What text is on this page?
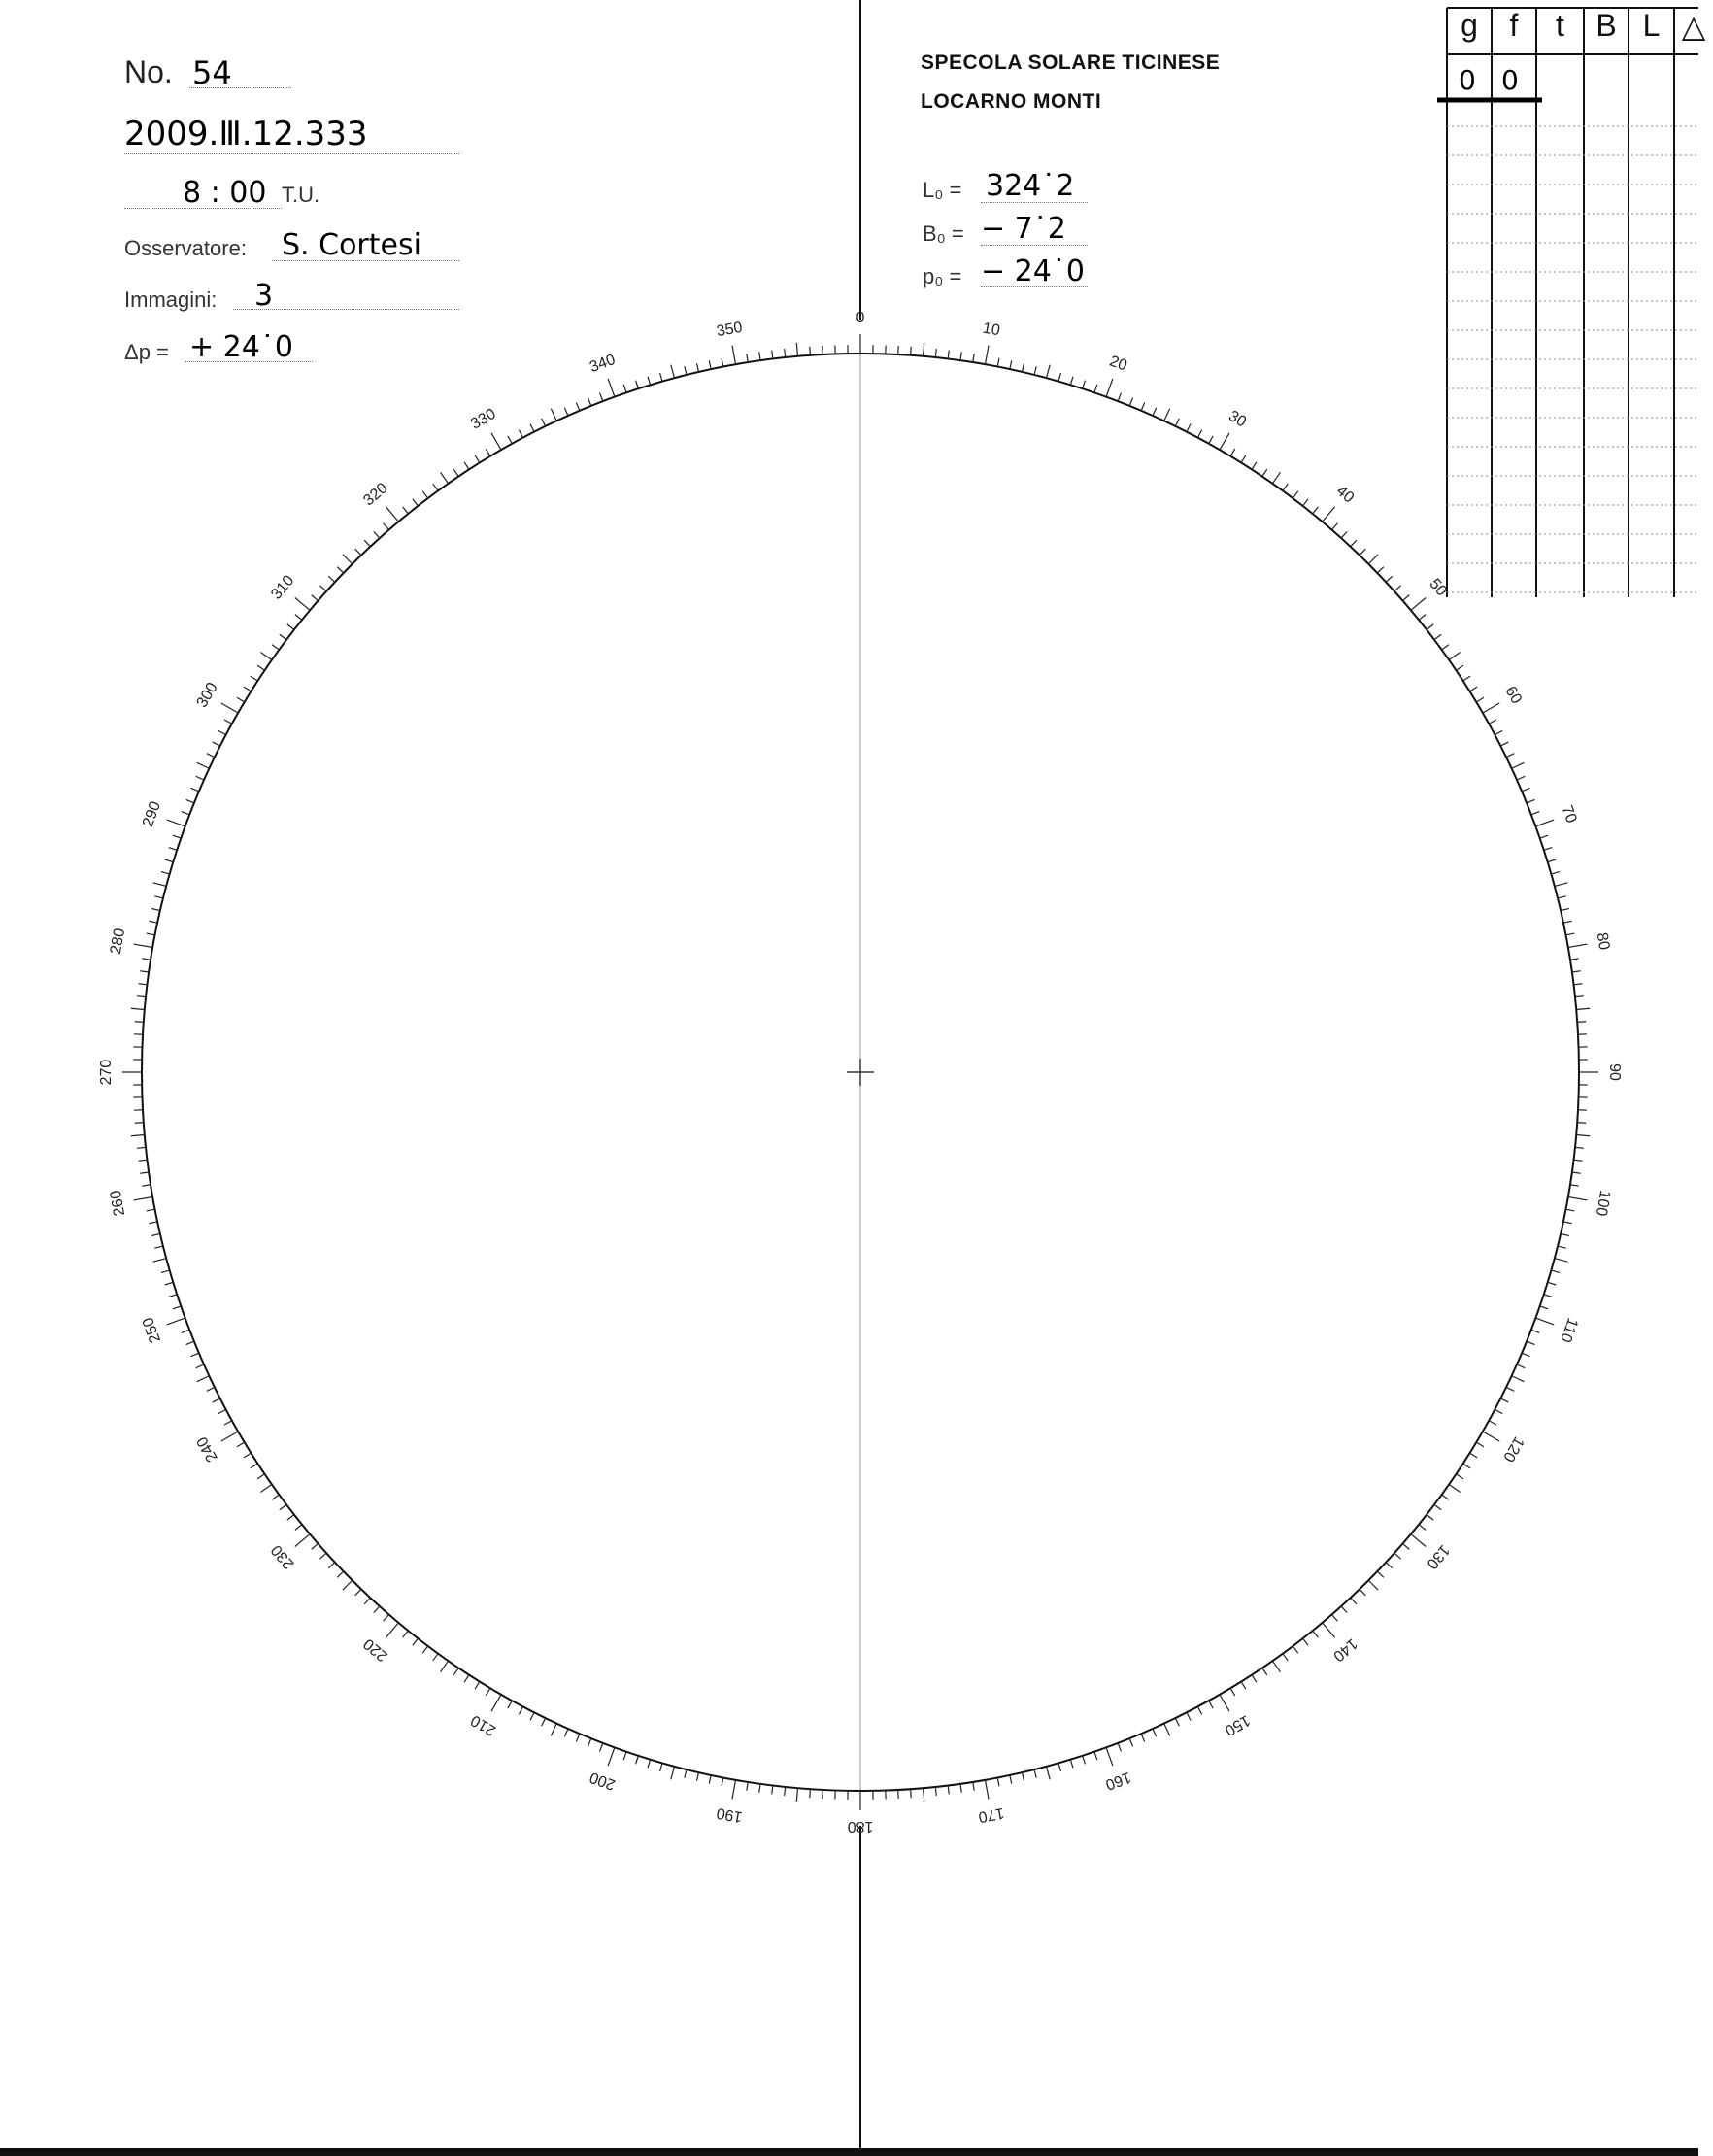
No. 54
2009.Ⅲ.12.333
8 : 00 T.U.
Osservatore: S. Cortesi
Immagini: 3
Δp = + 24˙0
SPECOLA SOLARE TICINESE
LOCARNO MONTI
L₀ = 324˙2
B₀ = − 7˙2
p₀ = − 24˙0
g	f	t	B L △
0 0
0
10
20
30
40
50
60
70
80
90
100
110
120
130
140
150
160
170
180
190
200
210
220
230
240
250
260
270
280
290
300
310
320
330
340
350
